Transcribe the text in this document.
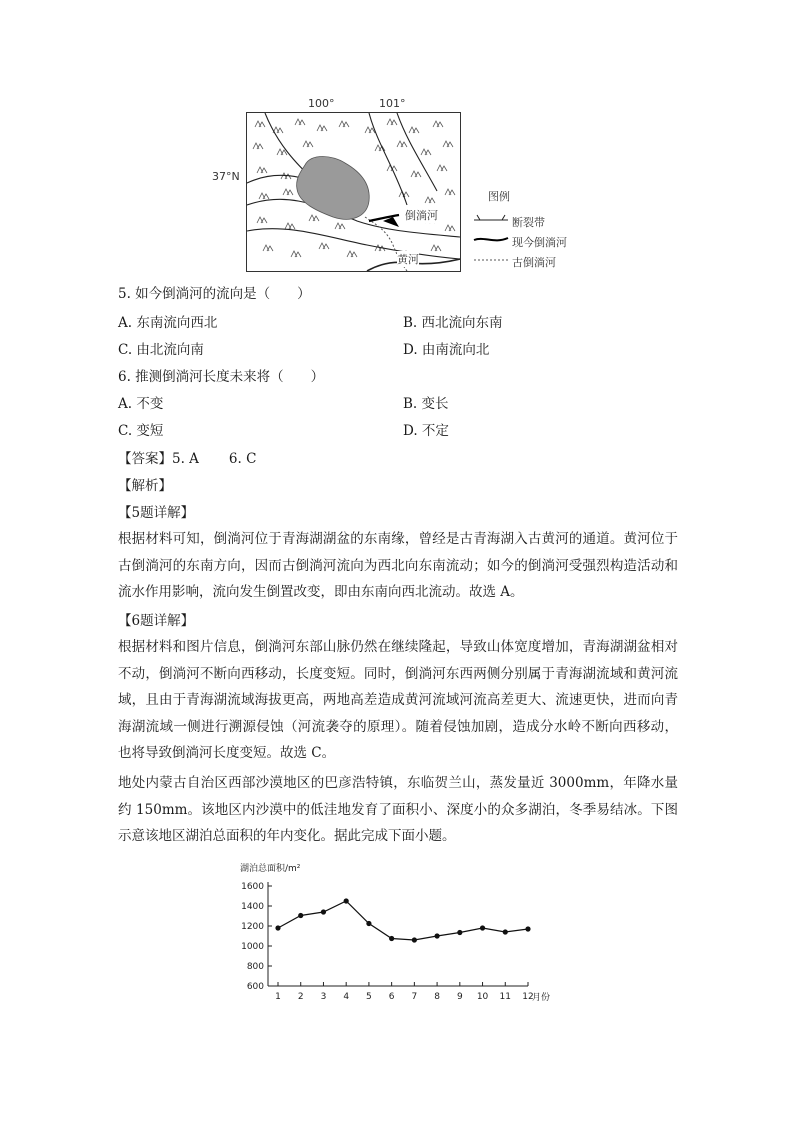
100°	101°
37°N
倒淌河
黄河
图例
断裂带
现今倒淌河
古倒淌河
5. 如今倒淌河的流向是（　　）
A. 东南流向西北	B. 西北流向东南
C. 由北流向南	D. 由南流向北
6. 推测倒淌河长度未来将（　　）
A. 不变	B. 变长
C. 变短	D. 不定
【答案】5. A 6. C
【解析】
【5题详解】
根据材料可知，倒淌河位于青海湖湖盆的东南缘，曾经是古青海湖入古黄河的通道。黄河位于古倒淌河的东南方向，因而古倒淌河流向为西北向东南流动；如今的倒淌河受强烈构造活动和流水作用影响，流向发生倒置改变，即由东南向西北流动。故选 A。
【6题详解】
根据材料和图片信息，倒淌河东部山脉仍然在继续隆起，导致山体宽度增加，青海湖湖盆相对不动，倒淌河不断向西移动，长度变短。同时，倒淌河东西两侧分别属于青海湖流域和黄河流域，且由于青海湖流域海拔更高，两地高差造成黄河流域河流高差更大、流速更快，进而向青海湖流域一侧进行溯源侵蚀（河流袭夺的原理）。随着侵蚀加剧，造成分水岭不断向西移动，也将导致倒淌河长度变短。故选 C。
地处内蒙古自治区西部沙漠地区的巴彦浩特镇，东临贺兰山，蒸发量近 3000mm，年降水量约 150mm。该地区内沙漠中的低洼地发育了面积小、深度小的众多湖泊，冬季易结冰。下图示意该地区湖泊总面积的年内变化。据此完成下面小题。
湖泊总面积/m²
月份
600
800
1000
1200
1400
1600
1 2 3 4 5 6 7 8 9 10 11 12
